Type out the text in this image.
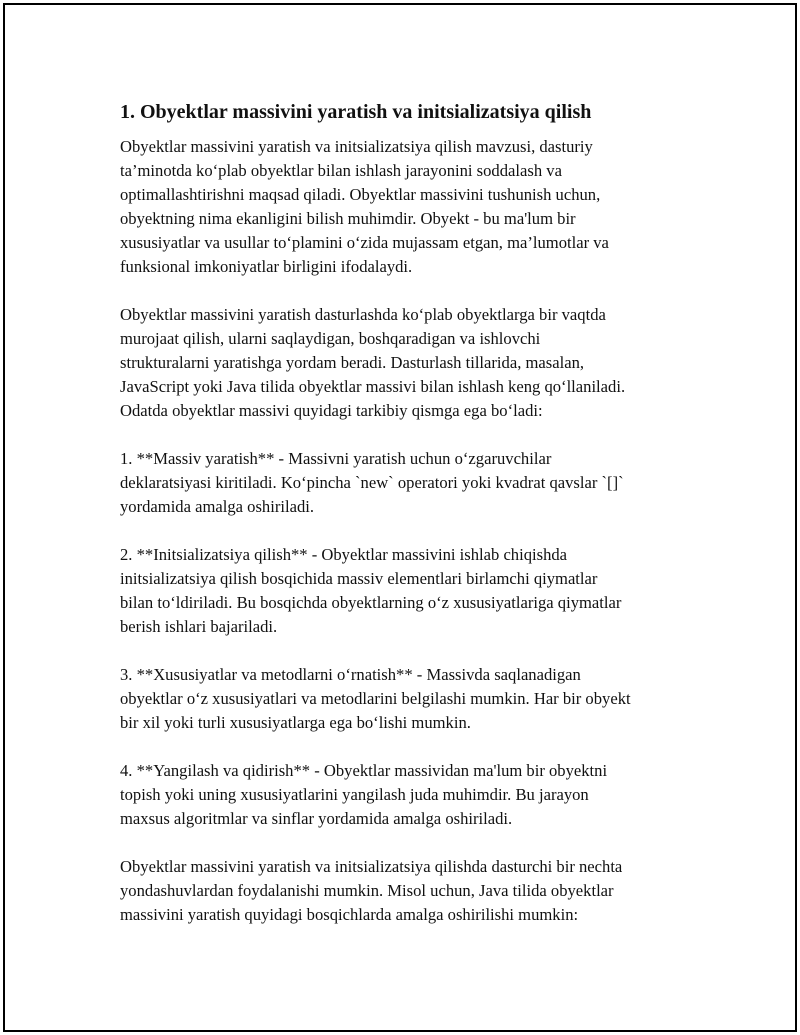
1. Obyektlar massivini yaratish va initsializatsiya qilish

Obyektlar massivini yaratish va initsializatsiya qilish mavzusi, dasturiy
ta’minotda ko‘plab obyektlar bilan ishlash jarayonini soddalash va
optimallashtirishni maqsad qiladi. Obyektlar massivini tushunish uchun,
obyektning nima ekanligini bilish muhimdir. Obyekt - bu ma'lum bir
xususiyatlar va usullar to‘plamini o‘zida mujassam etgan, ma’lumotlar va
funksional imkoniyatlar birligini ifodalaydi.

Obyektlar massivini yaratish dasturlashda ko‘plab obyektlarga bir vaqtda
murojaat qilish, ularni saqlaydigan, boshqaradigan va ishlovchi
strukturalarni yaratishga yordam beradi. Dasturlash tillarida, masalan,
JavaScript yoki Java tilida obyektlar massivi bilan ishlash keng qo‘llaniladi.
Odatda obyektlar massivi quyidagi tarkibiy qismga ega bo‘ladi:

1. **Massiv yaratish** - Massivni yaratish uchun o‘zgaruvchilar
deklaratsiyasi kiritiladi. Ko‘pincha `new` operatori yoki kvadrat qavslar `[]`
yordamida amalga oshiriladi.

2. **Initsializatsiya qilish** - Obyektlar massivini ishlab chiqishda
initsializatsiya qilish bosqichida massiv elementlari birlamchi qiymatlar
bilan to‘ldiriladi. Bu bosqichda obyektlarning o‘z xususiyatlariga qiymatlar
berish ishlari bajariladi.

3. **Xususiyatlar va metodlarni o‘rnatish** - Massivda saqlanadigan
obyektlar o‘z xususiyatlari va metodlarini belgilashi mumkin. Har bir obyekt
bir xil yoki turli xususiyatlarga ega bo‘lishi mumkin.

4. **Yangilash va qidirish** - Obyektlar massividan ma'lum bir obyektni
topish yoki uning xususiyatlarini yangilash juda muhimdir. Bu jarayon
maxsus algoritmlar va sinflar yordamida amalga oshiriladi.

Obyektlar massivini yaratish va initsializatsiya qilishda dasturchi bir nechta
yondashuvlardan foydalanishi mumkin. Misol uchun, Java tilida obyektlar
massivini yaratish quyidagi bosqichlarda amalga oshirilishi mumkin:
